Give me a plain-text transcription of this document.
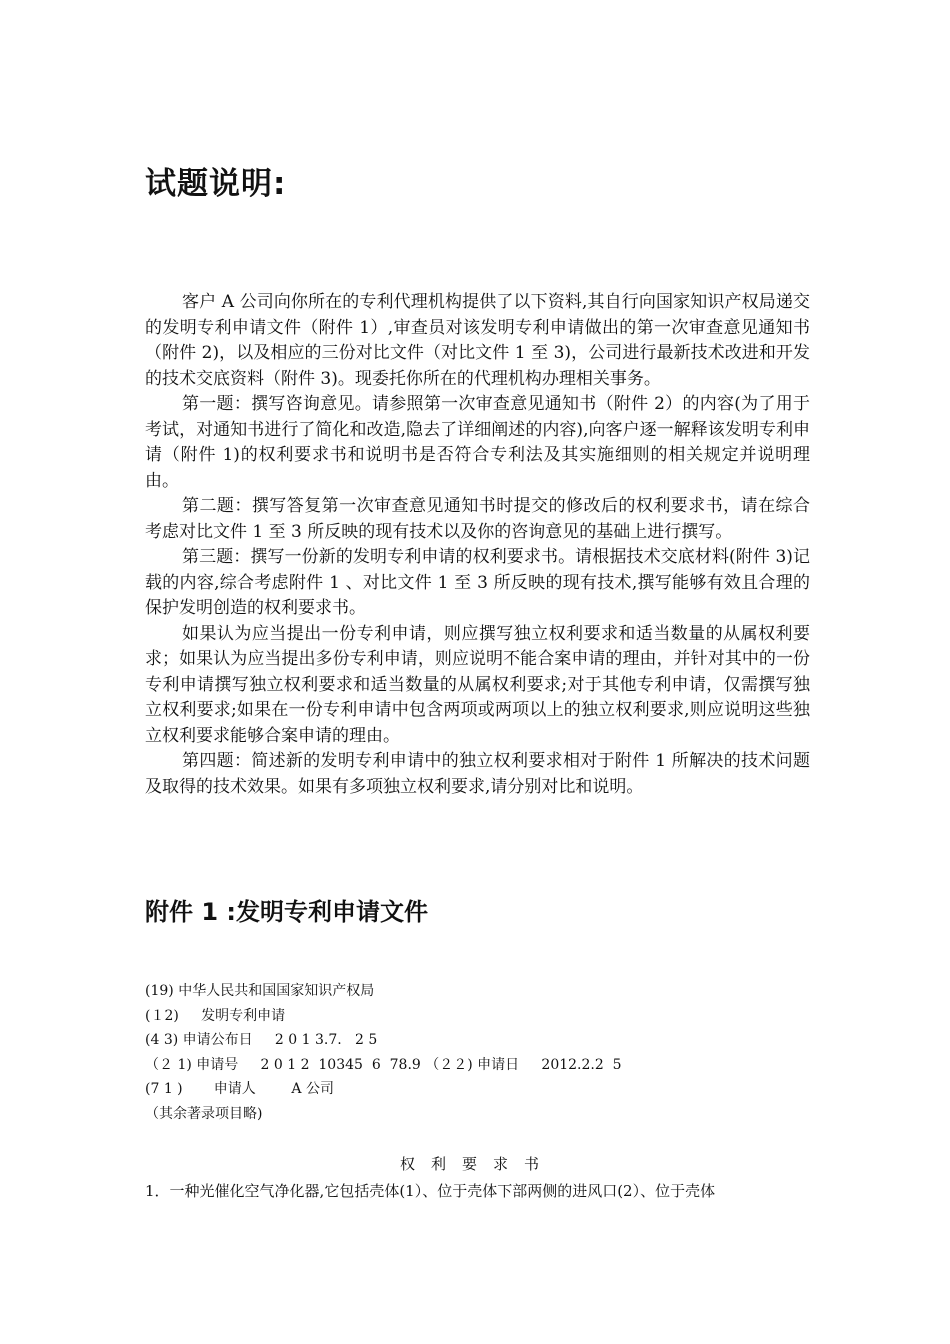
试题说明:

客户 A 公司向你所在的专利代理机构提供了以下资料,其自行向国家知识产权局递交的发明专利申请文件（附件 1）,审查员对该发明专利申请做出的第一次审查意见通知书（附件 2)，以及相应的三份对比文件（对比文件 1 至 3)，公司进行最新技术改进和开发的技术交底资料（附件 3)。现委托你所在的代理机构办理相关事务。

第一题：撰写咨询意见。请参照第一次审查意见通知书（附件 2）的内容(为了用于考试，对通知书进行了简化和改造,隐去了详细阐述的内容),向客户逐一解释该发明专利申请（附件 1)的权利要求书和说明书是否符合专利法及其实施细则的相关规定并说明理由。

第二题：撰写答复第一次审查意见通知书时提交的修改后的权利要求书，请在综合考虑对比文件 1 至 3 所反映的现有技术以及你的咨询意见的基础上进行撰写。

第三题：撰写一份新的发明专利申请的权利要求书。请根据技术交底材料(附件 3)记载的内容,综合考虑附件 1 、对比文件 1 至 3 所反映的现有技术,撰写能够有效且合理的保护发明创造的权利要求书。

如果认为应当提出一份专利申请，则应撰写独立权利要求和适当数量的从属权利要求；如果认为应当提出多份专利申请，则应说明不能合案申请的理由，并针对其中的一份专利申请撰写独立权利要求和适当数量的从属权利要求;对于其他专利申请，仅需撰写独立权利要求;如果在一份专利申请中包含两项或两项以上的独立权利要求,则应说明这些独立权利要求能够合案申请的理由。

第四题：简述新的发明专利申请中的独立权利要求相对于附件 1 所解决的技术问题及取得的技术效果。如果有多项独立权利要求,请分别对比和说明。

附件 1 :发明专利申请文件
(19) 中华人民共和国国家知识产权局
(１2)     发明专利申请
(4 3) 申请公布日     2 0 1 3.7.   2 5
（２ 1) 申请号     2 0 1 2  10345  6  78.9 （２２) 申请日     2012.2.2  5
(7 1 )       申请人        A 公司
（其余著录项目略)
权利要求书
1．一种光催化空气净化器,它包括壳体(1）、位于壳体下部两侧的进风口(2）、位于壳体
